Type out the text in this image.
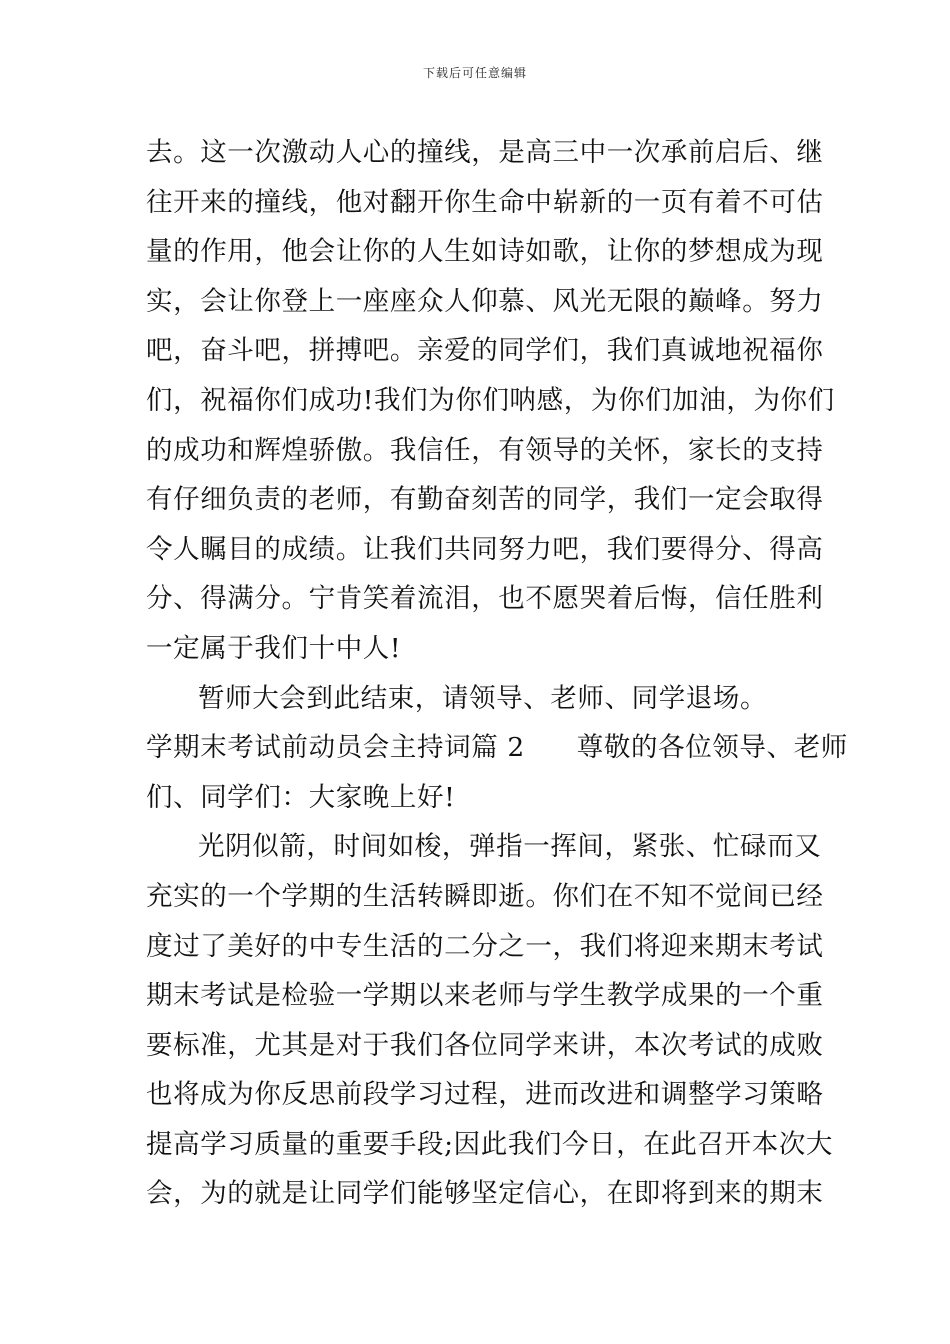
下载后可任意编辑
去。这一次激动人心的撞线，是高三中一次承前启后、继
往开来的撞线，他对翻开你生命中崭新的一页有着不可估
量的作用，他会让你的人生如诗如歌，让你的梦想成为现
实，会让你登上一座座众人仰慕、风光无限的巅峰。努力
吧，奋斗吧，拼搏吧。亲爱的同学们，我们真诚地祝福你
们，祝福你们成功!我们为你们呐感，为你们加油，为你们
的成功和辉煌骄傲。我信任，有领导的关怀，家长的支持
有仔细负责的老师，有勤奋刻苦的同学，我们一定会取得
令人瞩目的成绩。让我们共同努力吧，我们要得分、得高
分、得满分。宁肯笑着流泪，也不愿哭着后悔，信任胜利
一定属于我们十中人!
暂师大会到此结束，请领导、老师、同学退场。
学期末考试前动员会主持词篇 2 尊敬的各位领导、老师
们、同学们：大家晚上好!
光阴似箭，时间如梭，弹指一挥间，紧张、忙碌而又
充实的一个学期的生活转瞬即逝。你们在不知不觉间已经
度过了美好的中专生活的二分之一，我们将迎来期末考试
期末考试是检验一学期以来老师与学生教学成果的一个重
要标准，尤其是对于我们各位同学来讲，本次考试的成败
也将成为你反思前段学习过程，进而改进和调整学习策略
提高学习质量的重要手段;因此我们今日，在此召开本次大
会，为的就是让同学们能够坚定信心，在即将到来的期末
